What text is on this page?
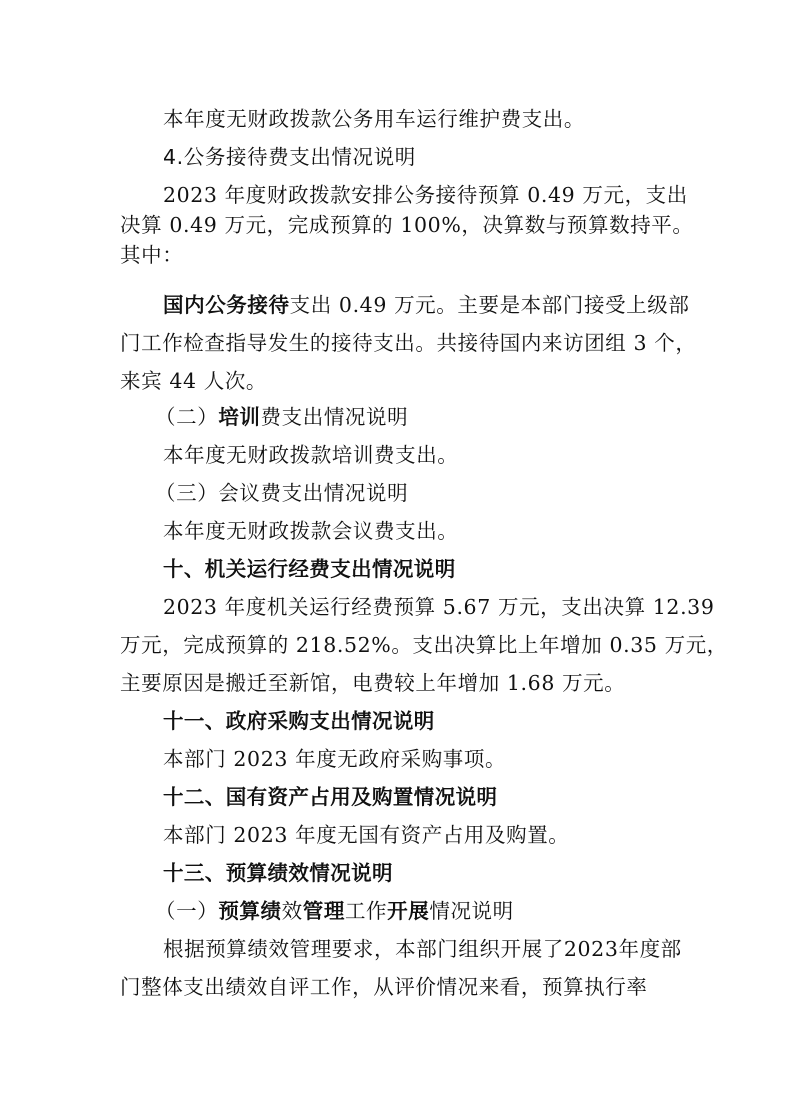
本年度无财政拨款公务用车运行维护费支出。
4.公务接待费支出情况说明
2023 年度财政拨款安排公务接待预算 0.49 万元，支出
决算 0.49 万元，完成预算的 100%，决算数与预算数持平。
其中：
国内公务接待支出 0.49 万元。主要是本部门接受上级部
门工作检查指导发生的接待支出。共接待国内来访团组 3 个，
来宾 44 人次。
（二）培训费支出情况说明
本年度无财政拨款培训费支出。
（三）会议费支出情况说明
本年度无财政拨款会议费支出。
十、机关运行经费支出情况说明
2023 年度机关运行经费预算 5.67 万元，支出决算 12.39
万元，完成预算的 218.52%。支出决算比上年增加 0.35 万元，
主要原因是搬迁至新馆，电费较上年增加 1.68 万元。
十一、政府采购支出情况说明
本部门 2023 年度无政府采购事项。
十二、国有资产占用及购置情况说明
本部门 2023 年度无国有资产占用及购置。
十三、预算绩效情况说明
（一）预算绩效管理工作开展情况说明
根据预算绩效管理要求，本部门组织开展了2023年度部
门整体支出绩效自评工作，从评价情况来看，预算执行率
